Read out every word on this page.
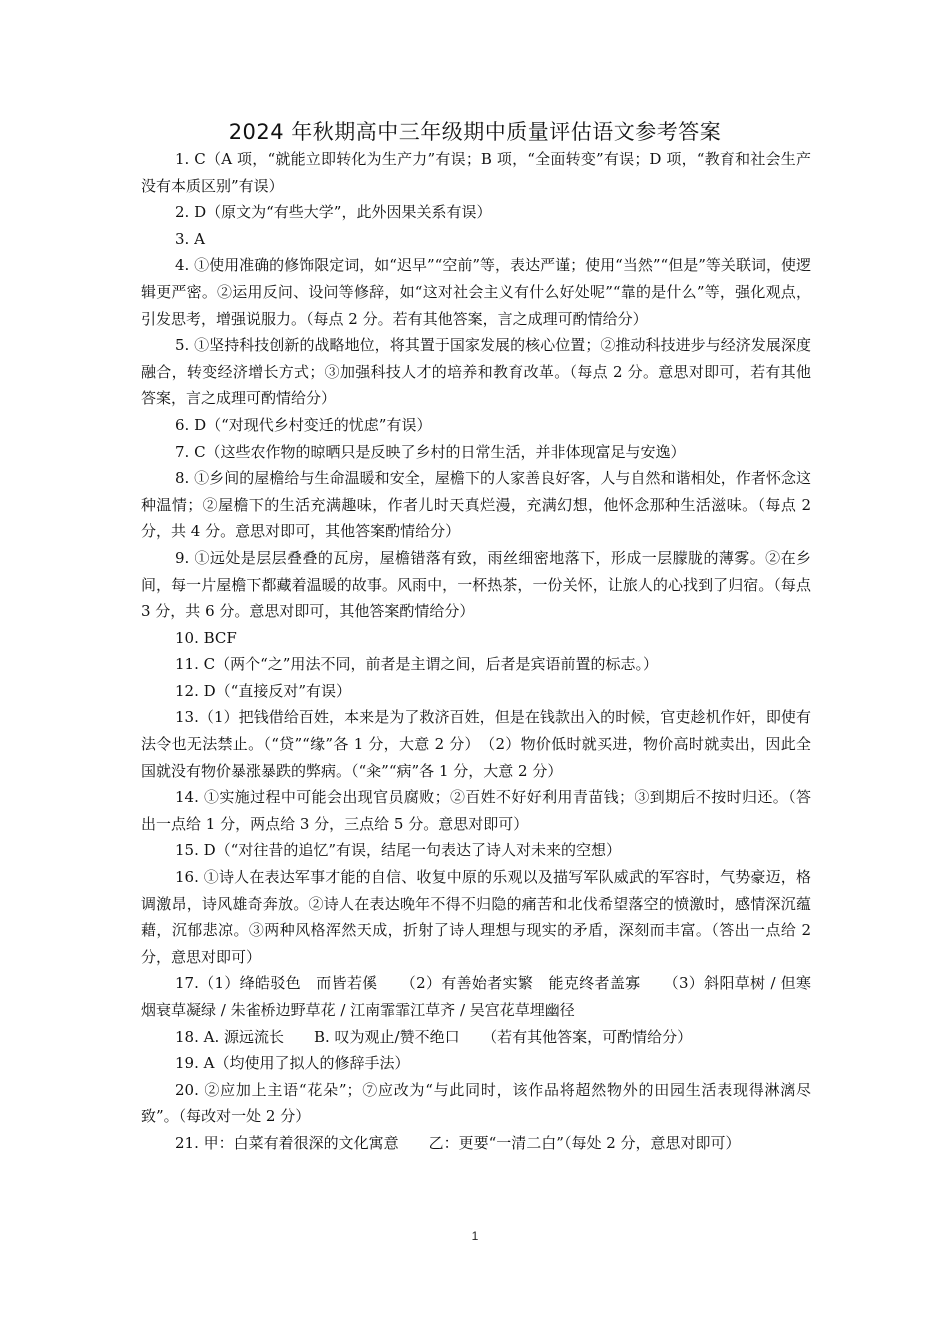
2024 年秋期高中三年级期中质量评估语文参考答案

1. C（A 项，“就能立即转化为生产力”有误；B 项，“全面转变”有误；D 项，“教育和社会生产没有本质区别”有误）

2. D（原文为“有些大学”，此外因果关系有误）

3. A

4. ①使用准确的修饰限定词，如“迟早”“空前”等，表达严谨；使用“当然”“但是”等关联词，使逻辑更严密。②运用反问、设问等修辞，如“这对社会主义有什么好处呢”“靠的是什么”等，强化观点，引发思考，增强说服力。（每点 2 分。若有其他答案，言之成理可酌情给分）

5. ①坚持科技创新的战略地位，将其置于国家发展的核心位置；②推动科技进步与经济发展深度融合，转变经济增长方式；③加强科技人才的培养和教育改革。（每点 2 分。意思对即可，若有其他答案，言之成理可酌情给分）

6. D（“对现代乡村变迁的忧虑”有误）

7. C（这些农作物的晾晒只是反映了乡村的日常生活，并非体现富足与安逸）

8. ①乡间的屋檐给与生命温暖和安全，屋檐下的人家善良好客，人与自然和谐相处，作者怀念这种温情；②屋檐下的生活充满趣味，作者儿时天真烂漫，充满幻想，他怀念那种生活滋味。（每点 2 分，共 4 分。意思对即可，其他答案酌情给分）

9. ①远处是层层叠叠的瓦房，屋檐错落有致，雨丝细密地落下，形成一层朦胧的薄雾。②在乡间，每一片屋檐下都藏着温暖的故事。风雨中，一杯热茶，一份关怀，让旅人的心找到了归宿。（每点 3 分，共 6 分。意思对即可，其他答案酌情给分）

10. BCF

11. C（两个“之”用法不同，前者是主谓之间，后者是宾语前置的标志。）

12. D（“直接反对”有误）

13.（1）把钱借给百姓，本来是为了救济百姓，但是在钱款出入的时候，官吏趁机作奸，即使有法令也无法禁止。（“贷”“缘”各 1 分，大意 2 分）　（2）物价低时就买进，物价高时就卖出，因此全国就没有物价暴涨暴跌的弊病。（“籴”“病”各 1 分，大意 2 分）

14. ①实施过程中可能会出现官员腐败；②百姓不好好利用青苗钱；③到期后不按时归还。（答出一点给 1 分，两点给 3 分，三点给 5 分。意思对即可）

15. D（“对往昔的追忆”有误，结尾一句表达了诗人对未来的空想）

16. ①诗人在表达军事才能的自信、收复中原的乐观以及描写军队威武的军容时，气势豪迈，格调激昂，诗风雄奇奔放。②诗人在表达晚年不得不归隐的痛苦和北伐希望落空的愤激时，感情深沉蕴藉，沉郁悲凉。③两种风格浑然天成，折射了诗人理想与现实的矛盾，深刻而丰富。（答出一点给 2 分，意思对即可）

17.（1）绛皓驳色　而皆若傒　　（2）有善始者实繁　能克终者盖寡　　（3）斜阳草树 / 但寒烟衰草凝绿 / 朱雀桥边野草花 / 江南霏霏江草齐 / 吴宫花草埋幽径

18. A. 源远流长　　B. 叹为观止/赞不绝口　　（若有其他答案，可酌情给分）

19. A（均使用了拟人的修辞手法）

20. ②应加上主语“花朵”；⑦应改为“与此同时，该作品将超然物外的田园生活表现得淋漓尽致”。（每改对一处 2 分）

21. 甲：白菜有着很深的文化寓意　　乙：更要“一清二白”（每处 2 分，意思对即可）

1
